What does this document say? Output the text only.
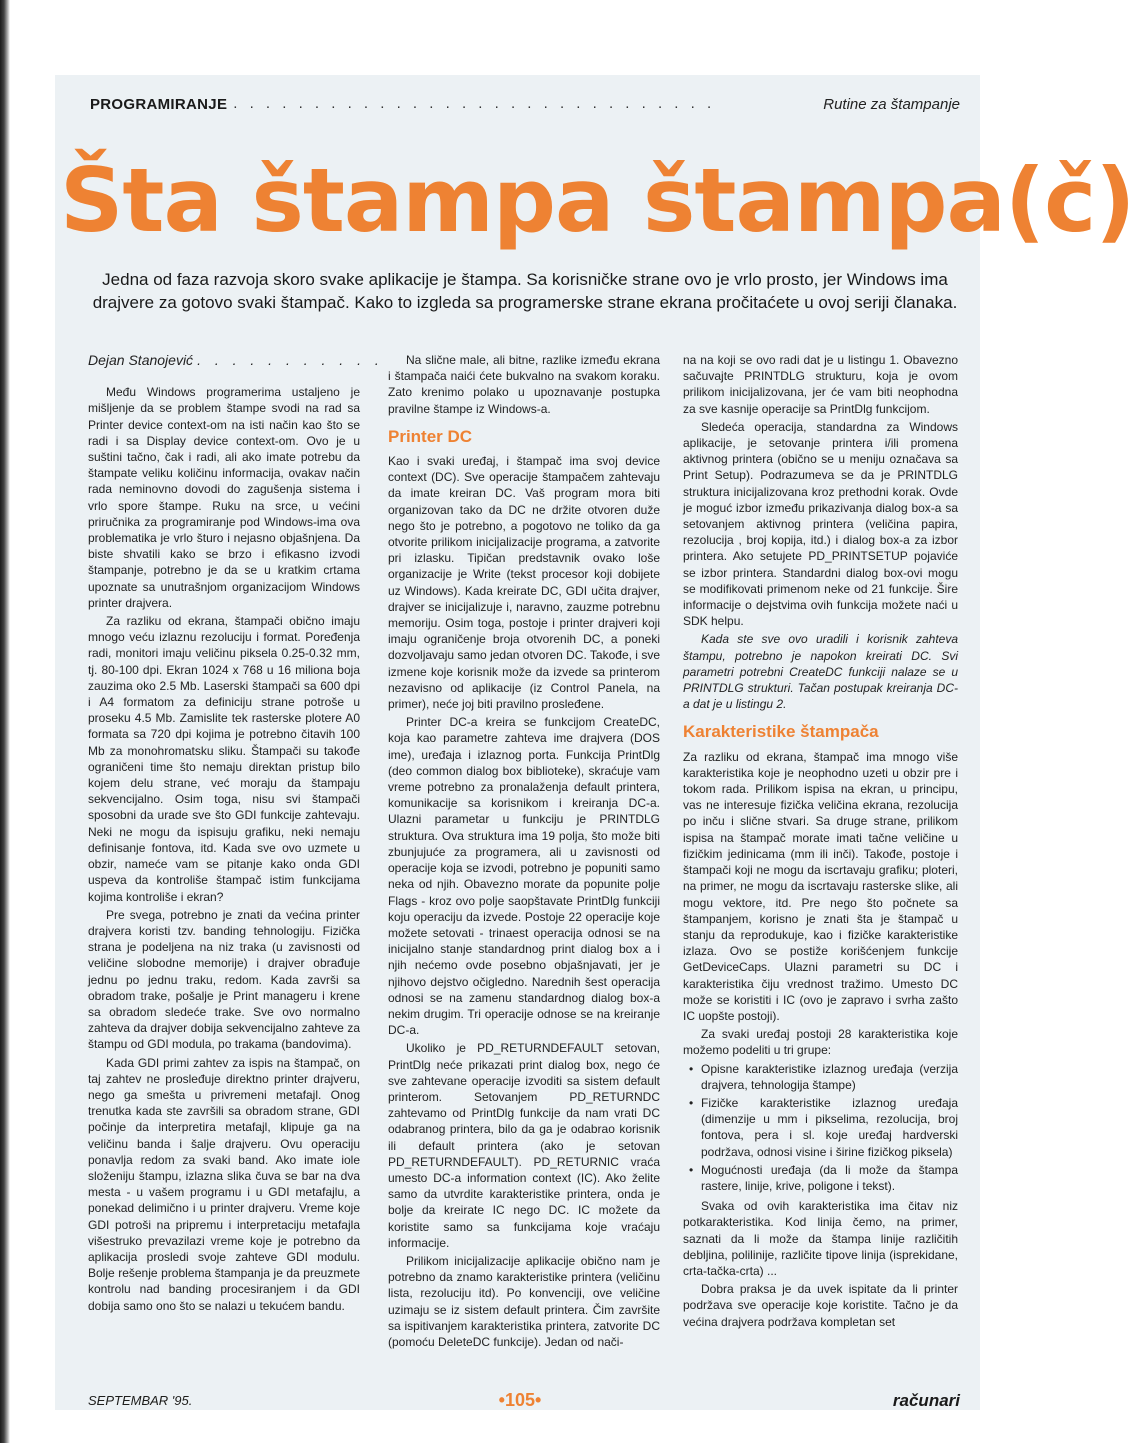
PROGRAMIRANJE . . . . . . . . . . . . . . . . . . . . . . . . . . . . . .	Rutine za štampanje
Šta štampa štampa(č)
Jedna od faza razvoja skoro svake aplikacije je štampa. Sa korisničke strane ovo je vrlo prosto, jer Windows ima drajvere za gotovo svaki štampač. Kako to izgleda sa programerske strane ekrana pročitaćete u ovoj seriji članaka.
Dejan Stanojević . . . . . . . . . . .

Među Windows programerima ustaljeno je mišljenje da se problem štampe svodi na rad sa Printer device context-om na isti način kao što se radi i sa Display device context-om. Ovo je u suštini tačno, čak i radi, ali ako imate potrebu da štampate veliku količinu informacija, ovakav način rada neminovno dovodi do zagušenja sistema i vrlo spore štampe. Ruku na srce, u većini priručnika za programiranje pod Windows-ima ova problematika je vrlo šturo i nejasno objašnjena. Da biste shvatili kako se brzo i efikasno izvodi štampanje, potrebno je da se u kratkim crtama upoznate sa unutrašnjom organizacijom Windows printer drajvera.

Za razliku od ekrana, štampači obično imaju mnogo veću izlaznu rezoluciju i format. Poređenja radi, monitori imaju veličinu piksela 0.25-0.32 mm, tj. 80-100 dpi. Ekran 1024 x 768 u 16 miliona boja zauzima oko 2.5 Mb. Laserski štampači sa 600 dpi i A4 formatom za definiciju strane potroše u proseku 4.5 Mb. Zamislite tek rasterske plotere A0 formata sa 720 dpi kojima je potrebno čitavih 100 Mb za monohromatsku sliku. Štampači su takođe ograničeni time što nemaju direktan pristup bilo kojem delu strane, već moraju da štampaju sekvencijalno. Osim toga, nisu svi štampači sposobni da urade sve što GDI funkcije zahtevaju. Neki ne mogu da ispisuju grafiku, neki nemaju definisanje fontova, itd. Kada sve ovo uzmete u obzir, nameće vam se pitanje kako onda GDI uspeva da kontroliše štampač istim funkcijama kojima kontroliše i ekran?

Pre svega, potrebno je znati da većina printer drajvera koristi tzv. banding tehnologiju. Fizička strana je podeljena na niz traka (u zavisnosti od veličine slobodne memorije) i drajver obrađuje jednu po jednu traku, redom. Kada završi sa obradom trake, pošalje je Print manageru i krene sa obradom sledeće trake. Sve ovo normalno zahteva da drajver dobija sekvencijalno zahteve za štampu od GDI modula, po trakama (bandovima).

Kada GDI primi zahtev za ispis na štampač, on taj zahtev ne prosleđuje direktno printer drajveru, nego ga smešta u privremeni metafajl. Onog trenutka kada ste završili sa obradom strane, GDI počinje da interpretira metafajl, klipuje ga na veličinu banda i šalje drajveru. Ovu operaciju ponavlja redom za svaki band. Ako imate iole složeniju štampu, izlazna slika čuva se bar na dva mesta - u vašem programu i u GDI metafajlu, a ponekad delimično i u printer drajveru. Vreme koje GDI potroši na pripremu i interpretaciju metafajla višestruko prevazilazi vreme koje je potrebno da aplikacija prosledi svoje zahteve GDI modulu. Bolje rešenje problema štampanja je da preuzmete kontrolu nad banding procesiranjem i da GDI dobija samo ono što se nalazi u tekućem bandu.

Na slične male, ali bitne, razlike između ekrana i štampača naići ćete bukvalno na svakom koraku. Zato krenimo polako u upoznavanje postupka pravilne štampe iz Windows-a.

Printer DC

Kao i svaki uređaj, i štampač ima svoj device context (DC). Sve operacije štampačem zahtevaju da imate kreiran DC. Vaš program mora biti organizovan tako da DC ne držite otvoren duže nego što je potrebno, a pogotovo ne toliko da ga otvorite prilikom inicijalizacije programa, a zatvorite pri izlasku. Tipičan predstavnik ovako loše organizacije je Write (tekst procesor koji dobijete uz Windows). Kada kreirate DC, GDI učita drajver, drajver se inicijalizuje i, naravno, zauzme potrebnu memoriju. Osim toga, postoje i printer drajveri koji imaju ograničenje broja otvorenih DC, a poneki dozvoljavaju samo jedan otvoren DC. Takođe, i sve izmene koje korisnik može da izvede sa printerom nezavisno od aplikacije (iz Control Panela, na primer), neće joj biti pravilno prosleđene.

Printer DC-a kreira se funkcijom CreateDC, koja kao parametre zahteva ime drajvera (DOS ime), uređaja i izlaznog porta. Funkcija PrintDlg (deo common dialog box biblioteke), skraćuje vam vreme potrebno za pronalaženja default printera, komunikacije sa korisnikom i kreiranja DC-a. Ulazni parametar u funkciju je PRINTDLG struktura. Ova struktura ima 19 polja, što može biti zbunjujuće za programera, ali u zavisnosti od operacije koja se izvodi, potrebno je popuniti samo neka od njih. Obavezno morate da popunite polje Flags - kroz ovo polje saopštavate PrintDlg funkciji koju operaciju da izvede. Postoje 22 operacije koje možete setovati - trinaest operacija odnosi se na inicijalno stanje standardnog print dialog box a i njih nećemo ovde posebno objašnjavati, jer je njihovo dejstvo očigledno. Narednih šest operacija odnosi se na zamenu standardnog dialog box-a nekim drugim. Tri operacije odnose se na kreiranje DC-a.

Ukoliko je PD_RETURNDEFAULT setovan, PrintDlg neće prikazati print dialog box, nego će sve zahtevane operacije izvoditi sa sistem default printerom. Setovanjem PD_RETURNDC zahtevamo od PrintDlg funkcije da nam vrati DC odabranog printera, bilo da ga je odabrao korisnik ili default printera (ako je setovan PD_RETURNDEFAULT). PD_RETURNIC vraća umesto DC-a information context (IC). Ako želite samo da utvrdite karakteristike printera, onda je bolje da kreirate IC nego DC. IC možete da koristite samo sa funkcijama koje vraćaju informacije.

Prilikom inicijalizacije aplikacije obično nam je potrebno da znamo karakteristike printera (veličinu lista, rezoluciju itd). Po konvenciji, ove veličine uzimaju se iz sistem default printera. Čim završite sa ispitivanjem karakteristika printera, zatvorite DC (pomoću DeleteDC funkcije). Jedan od nači-

na na koji se ovo radi dat je u listingu 1. Obavezno sačuvajte PRINTDLG strukturu, koja je ovom prilikom inicijalizovana, jer će vam biti neophodna za sve kasnije operacije sa PrintDlg funkcijom.

Sledeća operacija, standardna za Windows aplikacije, je setovanje printera i/ili promena aktivnog printera (obično se u meniju označava sa Print Setup). Podrazumeva se da je PRINTDLG struktura inicijalizovana kroz prethodni korak. Ovde je moguć izbor između prikazivanja dialog box-a sa setovanjem aktivnog printera (veličina papira, rezolucija , broj kopija, itd.) i dialog box-a za izbor printera. Ako setujete PD_PRINTSETUP pojaviće se izbor printera. Standardni dialog box-ovi mogu se modifikovati primenom neke od 21 funkcije. Šire informacije o dejstvima ovih funkcija možete naći u SDK helpu.

Kada ste sve ovo uradili i korisnik zahteva štampu, potrebno je napokon kreirati DC. Svi parametri potrebni CreateDC funkciji nalaze se u PRINTDLG strukturi. Tačan postupak kreiranja DC-a dat je u listingu 2.

Karakteristike štampača

Za razliku od ekrana, štampač ima mnogo više karakteristika koje je neophodno uzeti u obzir pre i tokom rada. Prilikom ispisa na ekran, u principu, vas ne interesuje fizička veličina ekrana, rezolucija po inču i slične stvari. Sa druge strane, prilikom ispisa na štampač morate imati tačne veličine u fizičkim jedinicama (mm ili inči). Takođe, postoje i štampači koji ne mogu da iscrtavaju grafiku; ploteri, na primer, ne mogu da iscrtavaju rasterske slike, ali mogu vektore, itd. Pre nego što počnete sa štampanjem, korisno je znati šta je štampač u stanju da reprodukuje, kao i fizičke karakteristike izlaza. Ovo se postiže korišćenjem funkcije GetDeviceCaps. Ulazni parametri su DC i karakteristika čiju vrednost tražimo. Umesto DC može se koristiti i IC (ovo je zapravo i svrha zašto IC uopšte postoji).

Za svaki uređaj postoji 28 karakteristika koje možemo podeliti u tri grupe:

• Opisne karakteristike izlaznog uređaja (verzija drajvera, tehnologija štampe)
• Fizičke karakteristike izlaznog uređaja (dimenzije u mm i pikselima, rezolucija, broj fontova, pera i sl. koje uređaj hardverski podržava, odnosi visine i širine fizičkog piksela)
• Mogućnosti uređaja (da li može da štampa rastere, linije, krive, poligone i tekst).

Svaka od ovih karakteristika ima čitav niz potkarakteristika. Kod linija čemo, na primer, saznati da li može da štampa linije različitih debljina, polilinije, različite tipove linija (isprekidane, crta-tačka-crta) ...

Dobra praksa je da uvek ispitate da li printer podržava sve operacije koje koristite. Tačno je da većina drajvera podržava kompletan set

SEPTEMBAR '95.	•105•	računari
